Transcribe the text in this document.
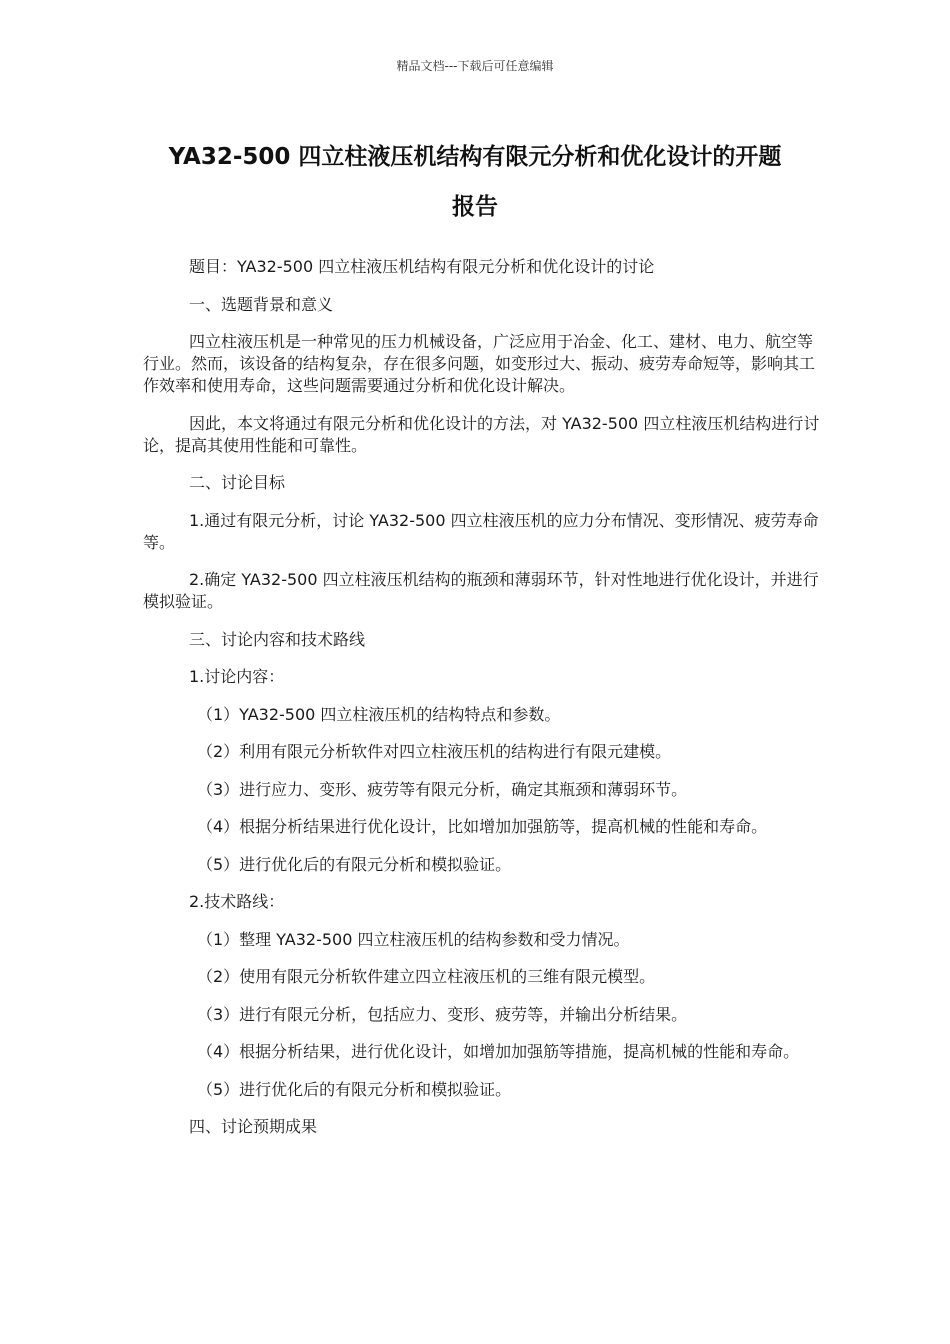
精品文档---下载后可任意编辑
YA32-500 四立柱液压机结构有限元分析和优化设计的开题
报告

题目：YA32-500 四立柱液压机结构有限元分析和优化设计的讨论

一、选题背景和意义

四立柱液压机是一种常见的压力机械设备，广泛应用于冶金、化工、建材、电力、航空等行业。然而，该设备的结构复杂，存在很多问题，如变形过大、振动、疲劳寿命短等，影响其工作效率和使用寿命，这些问题需要通过分析和优化设计解决。

因此，本文将通过有限元分析和优化设计的方法，对 YA32-500 四立柱液压机结构进行讨论，提高其使用性能和可靠性。

二、讨论目标

1.通过有限元分析，讨论 YA32-500 四立柱液压机的应力分布情况、变形情况、疲劳寿命等。

2.确定 YA32-500 四立柱液压机结构的瓶颈和薄弱环节，针对性地进行优化设计，并进行模拟验证。

三、讨论内容和技术路线

1.讨论内容：

（1）YA32-500 四立柱液压机的结构特点和参数。

（2）利用有限元分析软件对四立柱液压机的结构进行有限元建模。

（3）进行应力、变形、疲劳等有限元分析，确定其瓶颈和薄弱环节。

（4）根据分析结果进行优化设计，比如增加加强筋等，提高机械的性能和寿命。

（5）进行优化后的有限元分析和模拟验证。

2.技术路线：

（1）整理 YA32-500 四立柱液压机的结构参数和受力情况。

（2）使用有限元分析软件建立四立柱液压机的三维有限元模型。

（3）进行有限元分析，包括应力、变形、疲劳等，并输出分析结果。

（4）根据分析结果，进行优化设计，如增加加强筋等措施，提高机械的性能和寿命。

（5）进行优化后的有限元分析和模拟验证。

四、讨论预期成果
